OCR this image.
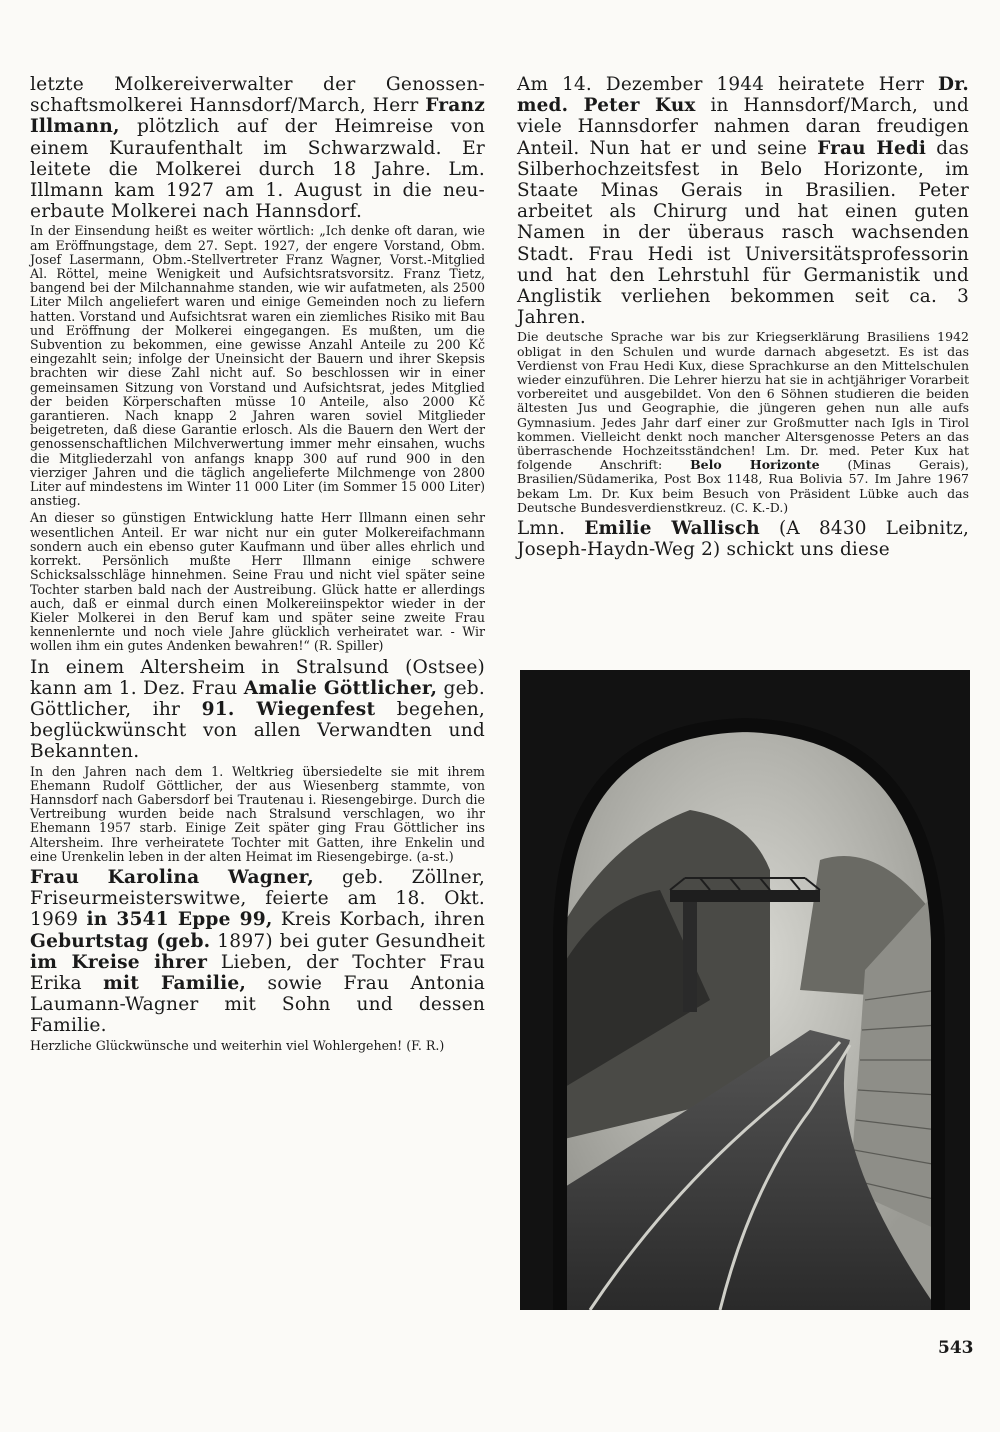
letzte Molkereiverwalter der Genossen-schaftsmolkerei Hannsdorf/March, Herr Franz Illmann, plötzlich auf der Heimreise von einem Kuraufenthalt im Schwarzwald. Er leitete die Molkerei durch 18 Jahre. Lm. Illmann kam 1927 am 1. August in die neu-erbaute Molkerei nach Hannsdorf.

In der Einsendung heißt es weiter wörtlich: „Ich denke oft daran, wie am Eröffnungstage, dem 27. Sept. 1927, der engere Vorstand, Obm. Josef Lasermann, Obm.-Stellvertreter Franz Wagner, Vorst.-Mitglied Al. Röttel, meine Wenigkeit und Aufsichtsratsvorsitz. Franz Tietz, bangend bei der Milchannahme standen, wie wir aufatmeten, als 2500 Liter Milch angeliefert waren und einige Gemeinden noch zu liefern hatten. Vorstand und Aufsichtsrat waren ein ziemliches Risiko mit Bau und Eröffnung der Molkerei eingegangen. Es mußten, um die Subvention zu bekommen, eine gewisse Anzahl Anteile zu 200 Kč eingezahlt sein; infolge der Uneinsicht der Bauern und ihrer Skepsis brachten wir diese Zahl nicht auf. So beschlossen wir in einer gemeinsamen Sitzung von Vorstand und Aufsichtsrat, jedes Mitglied der beiden Körperschaften müsse 10 Anteile, also 2000 Kč garantieren. Nach knapp 2 Jahren waren soviel Mitglieder beigetreten, daß diese Garantie erlosch. Als die Bauern den Wert der genossenschaftlichen Milchverwertung immer mehr einsahen, wuchs die Mitgliederzahl von anfangs knapp 300 auf rund 900 in den vierziger Jahren und die täglich angelieferte Milchmenge von 2800 Liter auf mindestens im Winter 11 000 Liter (im Sommer 15 000 Liter) anstieg.

An dieser so günstigen Entwicklung hatte Herr Illmann einen sehr wesentlichen Anteil. Er war nicht nur ein guter Molkereifachmann sondern auch ein ebenso guter Kaufmann und über alles ehrlich und korrekt. Persönlich mußte Herr Illmann einige schwere Schicksalsschläge hinnehmen. Seine Frau und nicht viel später seine Tochter starben bald nach der Austreibung. Glück hatte er allerdings auch, daß er einmal durch einen Molkereiinspektor wieder in der Kieler Molkerei in den Beruf kam und später seine zweite Frau kennenlernte und noch viele Jahre glücklich verheiratet war. - Wir wollen ihm ein gutes Andenken bewahren!“ (R. Spiller)

In einem Altersheim in Stralsund (Ostsee) kann am 1. Dez. Frau Amalie Göttlicher, geb. Göttlicher, ihr 91. Wiegenfest begehen, beglückwünscht von allen Verwandten und Bekannten.

In den Jahren nach dem 1. Weltkrieg übersiedelte sie mit ihrem Ehemann Rudolf Göttlicher, der aus Wiesenberg stammte, von Hannsdorf nach Gabersdorf bei Trautenau i. Riesengebirge. Durch die Vertreibung wurden beide nach Stralsund verschlagen, wo ihr Ehemann 1957 starb. Einige Zeit später ging Frau Göttlicher ins Altersheim. Ihre verheiratete Tochter mit Gatten, ihre Enkelin und eine Urenkelin leben in der alten Heimat im Riesengebirge. (a-st.)

Frau Karolina Wagner, geb. Zöllner, Friseurmeisterswitwe, feierte am 18. Okt. 1969 in 3541 Eppe 99, Kreis Korbach, ihren Geburtstag (geb. 1897) bei guter Gesundheit im Kreise ihrer Lieben, der Tochter Frau Erika mit Familie, sowie Frau Antonia Laumann-Wagner mit Sohn und dessen Familie.

Herzliche Glückwünsche und weiterhin viel Wohlergehen! (F. R.)

Am 14. Dezember 1944 heiratete Herr Dr. med. Peter Kux in Hannsdorf/March, und viele Hannsdorfer nahmen daran freudigen Anteil. Nun hat er und seine Frau Hedi das Silberhochzeitsfest in Belo Horizonte, im Staate Minas Gerais in Brasilien. Peter arbeitet als Chirurg und hat einen guten Namen in der überaus rasch wachsenden Stadt. Frau Hedi ist Universitätsprofessorin und hat den Lehrstuhl für Germanistik und Anglistik verliehen bekommen seit ca. 3 Jahren.

Die deutsche Sprache war bis zur Kriegserklärung Brasiliens 1942 obligat in den Schulen und wurde darnach abgesetzt. Es ist das Verdienst von Frau Hedi Kux, diese Sprachkurse an den Mittelschulen wieder einzuführen. Die Lehrer hierzu hat sie in achtjähriger Vorarbeit vorbereitet und ausgebildet. Von den 6 Söhnen studieren die beiden ältesten Jus und Geographie, die jüngeren gehen nun alle aufs Gymnasium. Jedes Jahr darf einer zur Großmutter nach Igls in Tirol kommen. Vielleicht denkt noch mancher Altersgenosse Peters an das überraschende Hochzeitsständchen! Lm. Dr. med. Peter Kux hat folgende Anschrift: Belo Horizonte (Minas Gerais), Brasilien/Südamerika, Post Box 1148, Rua Bolivia 57. Im Jahre 1967 bekam Lm. Dr. Kux beim Besuch von Präsident Lübke auch das Deutsche Bundesverdienstkreuz. (C. K.-D.)

Lmn. Emilie Wallisch (A 8430 Leibnitz, Joseph-Haydn-Weg 2) schickt uns diese

543
